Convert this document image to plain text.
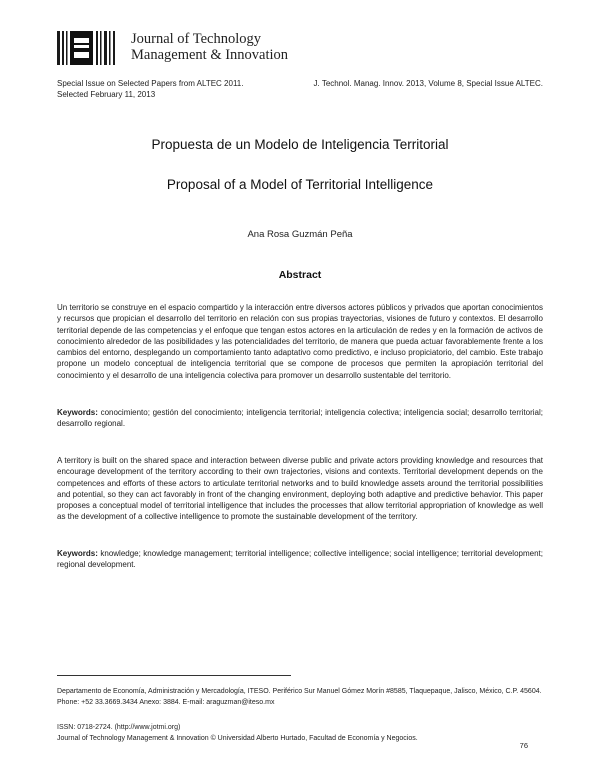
Journal of Technology
Management & Innovation
Special Issue on Selected Papers from ALTEC 2011.
Selected February 11, 2013
J. Technol. Manag. Innov. 2013, Volume 8, Special Issue ALTEC.
Propuesta de un Modelo de Inteligencia Territorial
Proposal of a Model of Territorial Intelligence
Ana Rosa Guzmán Peña
Abstract
Un territorio se construye en el espacio compartido y la interacción entre diversos actores públicos y privados que aportan conocimientos y recursos que propician el desarrollo del territorio en relación con sus propias trayectorias, visiones de futuro y contextos. El desarrollo territorial depende de las competencias y el enfoque que tengan estos actores en la articulación de redes y en la formación de activos de conocimiento alrededor de las posibilidades y las potencialidades del territorio, de manera que pueda actuar favorablemente frente a los cambios del entorno, desplegando un comportamiento tanto adaptativo como predictivo, e incluso propiciatorio, del cambio. Este trabajo propone un modelo conceptual de inteligencia territorial que se compone de procesos que permiten la apropiación territorial del conocimiento y el desarrollo de una inteligencia colectiva para promover un desarrollo sustentable del territorio.
Keywords: conocimiento; gestión del conocimiento; inteligencia territorial; inteligencia colectiva; inteligencia social; desarrollo territorial; desarrollo regional.
A territory is built on the shared space and interaction between diverse public and private actors providing knowledge and resources that encourage development of the territory according to their own trajectories, visions and contexts. Territorial development depends on the competences and efforts of these actors to articulate territorial networks and to build knowledge assets around the territorial possibilities and potential, so they can act favorably in front of the changing environment, deploying both adaptive and predictive behavior. This paper proposes a conceptual model of territorial intelligence that includes the processes that allow territorial appropriation of knowledge as well as the development of a collective intelligence to promote the sustainable development of the territory.
Keywords: knowledge; knowledge management; territorial intelligence; collective intelligence; social intelligence; territorial development; regional development.
Departamento de Economía, Administración y Mercadología, ITESO. Periférico Sur Manuel Gómez Morín #8585, Tlaquepaque, Jalisco, México, C.P. 45604. Phone: +52 33.3669.3434 Anexo: 3884. E-mail: araguzman@iteso.mx
ISSN: 0718-2724. (http://www.jotmi.org)
Journal of Technology Management & Innovation © Universidad Alberto Hurtado, Facultad de Economía y Negocios.
76
